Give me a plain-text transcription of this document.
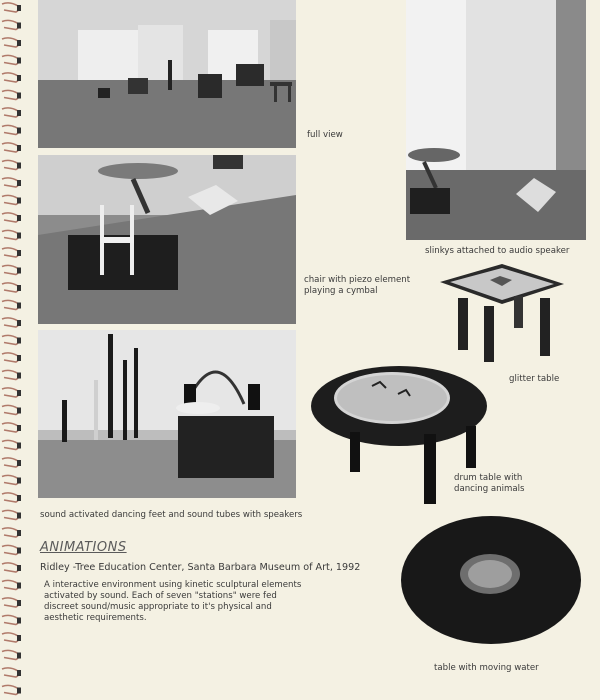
full view
slinkys attached to audio speaker
chair with piezo element
playing a cymbal
glitter table
sound activated dancing feet and sound tubes with speakers
drum table with
dancing animals
table with moving water
ANIMATIONS
Ridley -Tree Education Center, Santa Barbara Museum of Art, 1992
A interactive environment using kinetic sculptural elements
activated by sound. Each of seven "stations" were fed
discreet sound/music appropriate to it's physical and
aesthetic requirements.
